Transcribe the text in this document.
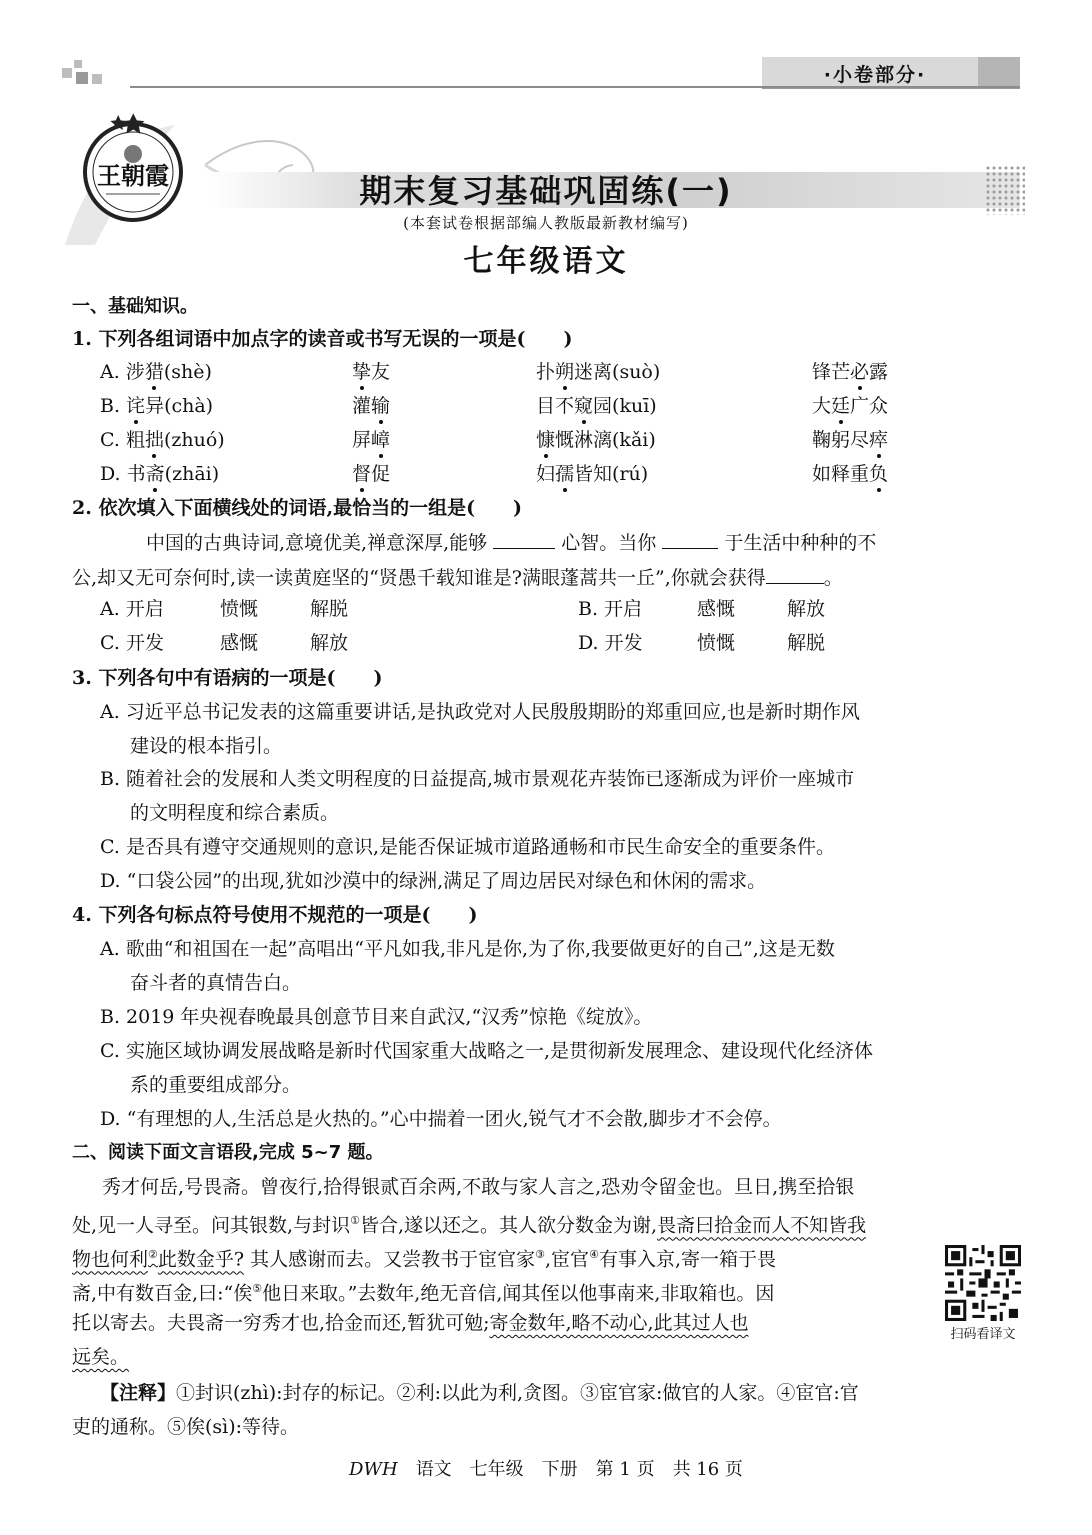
·小卷部分·
王朝霞	期末复习基础巩固练(一)
(本套试卷根据部编人教版最新教材编写)
七年级语文
一、基础知识。
1. 下列各组词语中加点字的读音或书写无误的一项是(　　)
A. 涉猎(shè)	挚友	扑朔迷离(suò)	锋芒必露
B. 诧异(chà)	灌输	目不窥园(kuī)	大廷广众
C. 粗拙(zhuó)	屏嶂	慷慨淋漓(kǎi)	鞠躬尽瘁
D. 书斋(zhāi)	督促	妇孺皆知(rú)	如释重负
2. 依次填入下面横线处的词语,最恰当的一组是(　　)
中国的古典诗词,意境优美,禅意深厚,能够	心智。当你	于生活中种种的不
公,却又无可奈何时,读一读黄庭坚的“贤愚千载知谁是?满眼蓬蒿共一丘”,你就会获得	。
A. 开启	愤慨	解脱	B. 开启	感慨	解放
C. 开发	感慨	解放	D. 开发	愤慨	解脱
3. 下列各句中有语病的一项是(　　)
A. 习近平总书记发表的这篇重要讲话,是执政党对人民殷殷期盼的郑重回应,也是新时期作风
建设的根本指引。
B. 随着社会的发展和人类文明程度的日益提高,城市景观花卉装饰已逐渐成为评价一座城市
的文明程度和综合素质。
C. 是否具有遵守交通规则的意识,是能否保证城市道路通畅和市民生命安全的重要条件。
D. “口袋公园”的出现,犹如沙漠中的绿洲,满足了周边居民对绿色和休闲的需求。
4. 下列各句标点符号使用不规范的一项是(　　)
A. 歌曲“和祖国在一起”高唱出“平凡如我,非凡是你,为了你,我要做更好的自己”,这是无数
奋斗者的真情告白。
B. 2019 年央视春晚最具创意节目来自武汉,“汉秀”惊艳《绽放》。
C. 实施区域协调发展战略是新时代国家重大战略之一,是贯彻新发展理念、建设现代化经济体
系的重要组成部分。
D. “有理想的人,生活总是火热的。”心中揣着一团火,锐气才不会散,脚步才不会停。
二、阅读下面文言语段,完成 5~7 题。
秀才何岳,号畏斋。曾夜行,拾得银贰百余两,不敢与家人言之,恐劝令留金也。旦日,携至拾银
处,见一人寻至。问其银数,与封识①皆合,遂以还之。其人欲分数金为谢,畏斋曰拾金而人不知皆我
物也何利②此数金乎? 其人感谢而去。又尝教书于宦官家③,宦官④有事入京,寄一箱于畏
斋,中有数百金,曰:“俟⑤他日来取。”去数年,绝无音信,闻其侄以他事南来,非取箱也。因
托以寄去。夫畏斋一穷秀才也,拾金而还,暂犹可勉;寄金数年,略不动心,此其过人也
远矣。
扫码看译文
【注释】①封识(zhì):封存的标记。②利:以此为利,贪图。③宦官家:做官的人家。④宦官:官
吏的通称。⑤俟(sì):等待。
DWH　 语文　七年级　下册　第 1 页　共 16 页
